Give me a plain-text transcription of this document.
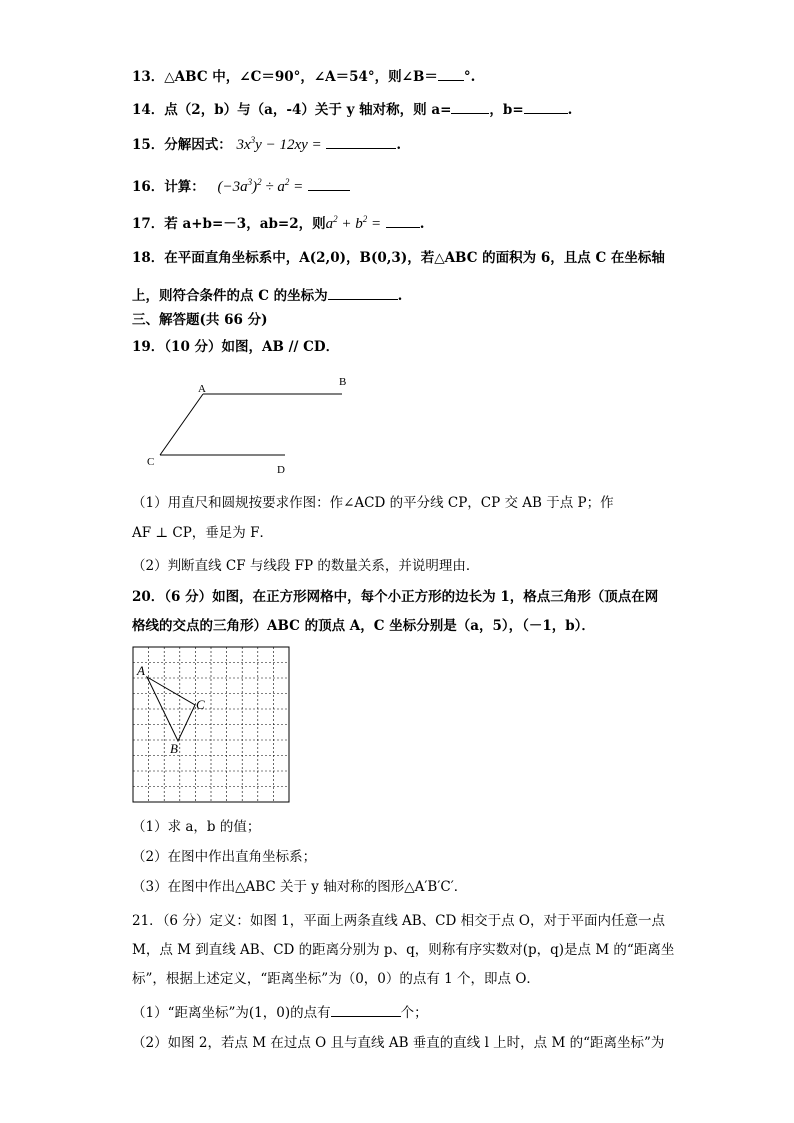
13．△ABC 中，∠C＝90°，∠A＝54°，则∠B＝ °.
14．点（2，b）与（a，-4）关于 y 轴对称，则 a=	，b=	.
15．分解因式： $3x^3y - 12xy$ =	.
16．计算： $(-3a^3)^2 \div a^2$ =
17．若 a+b=－3，ab=2，则$a^2 + b^2$ =	.
18．在平面直角坐标系中，A(2,0)，B(0,3)，若△ABC 的面积为 6，且点 C 在坐标轴
上，则符合条件的点 C 的坐标为	.
三、解答题(共 66 分)
19．（10 分）如图，AB // CD．
A
C
D
B
（1）用直尺和圆规按要求作图：作∠ACD 的平分线 CP，CP 交 AB 于点 P；作
AF ⊥ CP，垂足为 F．
（2）判断直线 CF 与线段 FP 的数量关系，并说明理由．
20．（6 分）如图，在正方形网格中，每个小正方形的边长为 1，格点三角形（顶点在网
格线的交点的三角形）ABC 的顶点 A，C 坐标分别是（a，5），（－1，b）．
A
C
B
（1）求 a，b 的值；
（2）在图中作出直角坐标系；
（3）在图中作出△ABC 关于 y 轴对称的图形△A′B′C′．
21．（6 分）定义：如图 1，平面上两条直线 AB、CD 相交于点 O，对于平面内任意一点
M，点 M 到直线 AB、CD 的距离分别为 p、q，则称有序实数对(p，q)是点 M 的“距离坐
标”，根据上述定义，“距离坐标”为（0，0）的点有 1 个，即点 O．
（1）“距离坐标”为(1，0)的点有	个；
（2）如图 2，若点 M 在过点 O 且与直线 AB 垂直的直线 l 上时，点 M 的“距离坐标”为
